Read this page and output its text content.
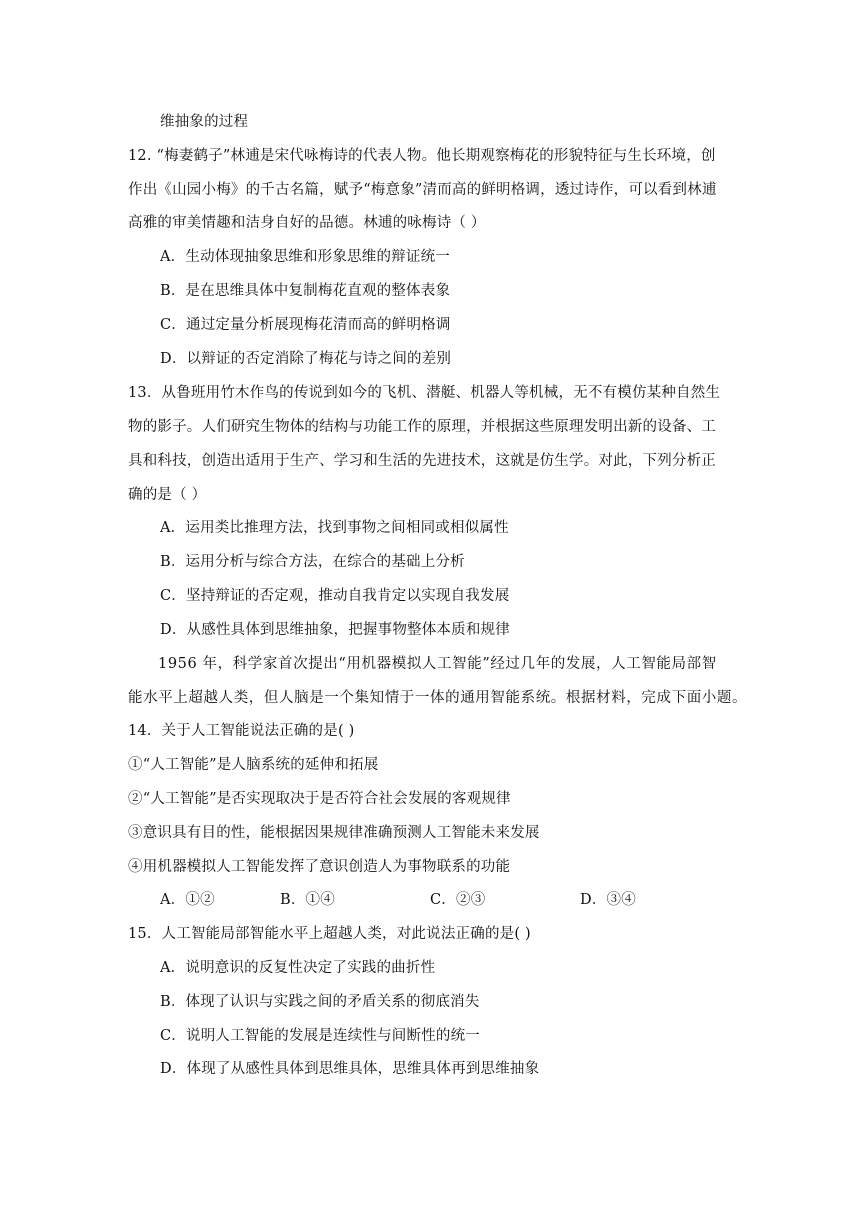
维抽象的过程
12. “梅妻鹤子”林逋是宋代咏梅诗的代表人物。他长期观察梅花的形貌特征与生长环境，创
作出《山园小梅》的千古名篇，赋予“梅意象”清而高的鲜明格调，透过诗作，可以看到林逋
高雅的审美情趣和洁身自好的品德。林逋的咏梅诗（ ）
A．生动体现抽象思维和形象思维的辩证统一
B．是在思维具体中复制梅花直观的整体表象
C．通过定量分析展现梅花清而高的鲜明格调
D．以辩证的否定消除了梅花与诗之间的差别
13．从鲁班用竹木作鸟的传说到如今的飞机、潜艇、机器人等机械，无不有模仿某种自然生
物的影子。人们研究生物体的结构与功能工作的原理，并根据这些原理发明出新的设备、工
具和科技，创造出适用于生产、学习和生活的先进技术，这就是仿生学。对此，下列分析正
确的是（ ）
A．运用类比推理方法，找到事物之间相同或相似属性
B．运用分析与综合方法，在综合的基础上分析
C．坚持辩证的否定观，推动自我肯定以实现自我发展
D．从感性具体到思维抽象，把握事物整体本质和规律
1956 年，科学家首次提出“用机器模拟人工智能”经过几年的发展，人工智能局部智
能水平上超越人类，但人脑是一个集知情于一体的通用智能系统。根据材料，完成下面小题。
14．关于人工智能说法正确的是( )
①“人工智能”是人脑系统的延伸和拓展
②“人工智能”是否实现取决于是否符合社会发展的客观规律
③意识具有目的性，能根据因果规律准确预测人工智能未来发展
④用机器模拟人工智能发挥了意识创造人为事物联系的功能
A．①②	B．①④	C．②③	D．③④
15．人工智能局部智能水平上超越人类，对此说法正确的是( )
A．说明意识的反复性决定了实践的曲折性
B．体现了认识与实践之间的矛盾关系的彻底消失
C．说明人工智能的发展是连续性与间断性的统一
D．体现了从感性具体到思维具体，思维具体再到思维抽象
